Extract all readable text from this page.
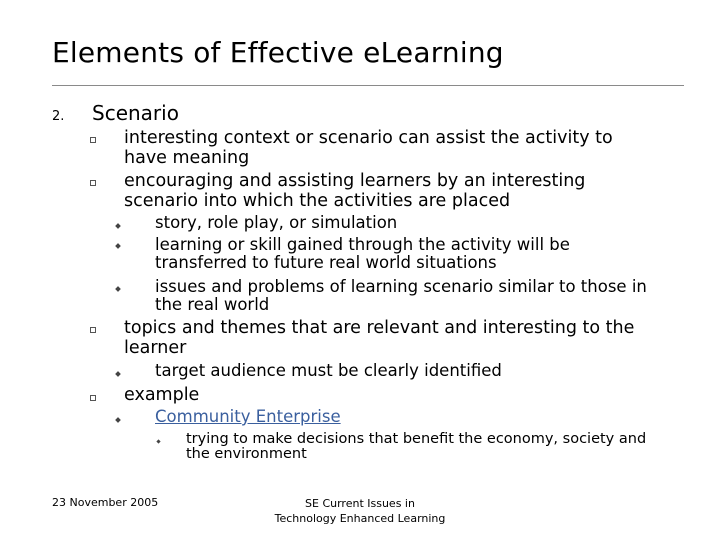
Elements of Effective eLearning
2. Scenario
interesting context or scenario can assist the activity to
have meaning
encouraging and assisting learners by an interesting
scenario into which the activities are placed
story, role play, or simulation
learning or skill gained through the activity will be
transferred to future real world situations
issues and problems of learning scenario similar to those in
the real world
topics and themes that are relevant and interesting to the
learner
target audience must be clearly identified
example
Community Enterprise
trying to make decisions that benefit the economy, society and
the environment
23 November 2005	SE Current Issues in
Technology Enhanced Learning
